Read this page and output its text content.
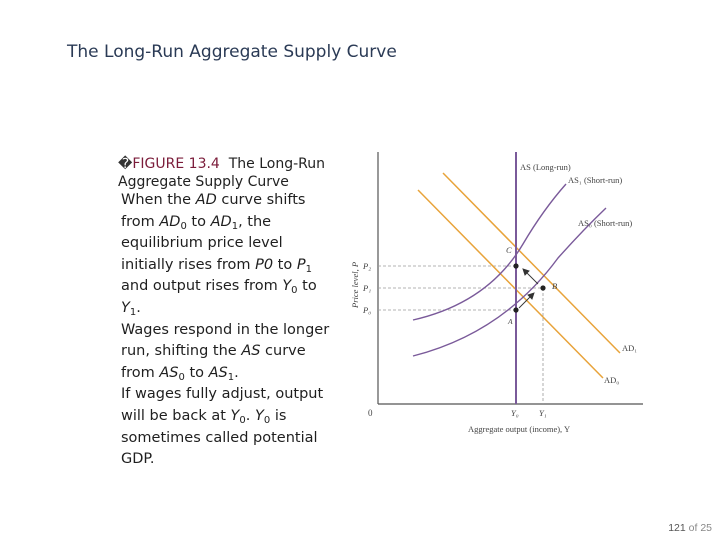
The Long-Run Aggregate Supply Curve
�FIGURE 13.4 The Long-Run Aggregate Supply Curve

When the AD curve shifts from $AD_0$ to $AD_1$, the equilibrium price level initially rises from P0 to $P_1$ and output rises from $Y_0$ to $Y_1$.

Wages respond in the longer run, shifting the AS curve from $AS_0$ to $AS_1$.

If wages fully adjust, output will be back at $Y_0$. $Y_0$ is sometimes called potential GDP.

0
Price level, P
Aggregate output (income), Y
P₂
P₁
P₀
Y₀ Y₁
C
B
A
AS (Long-run)
AS₁ (Short-run)
AS₀ (Short-run)
AD₁
AD₀
121 of 25
